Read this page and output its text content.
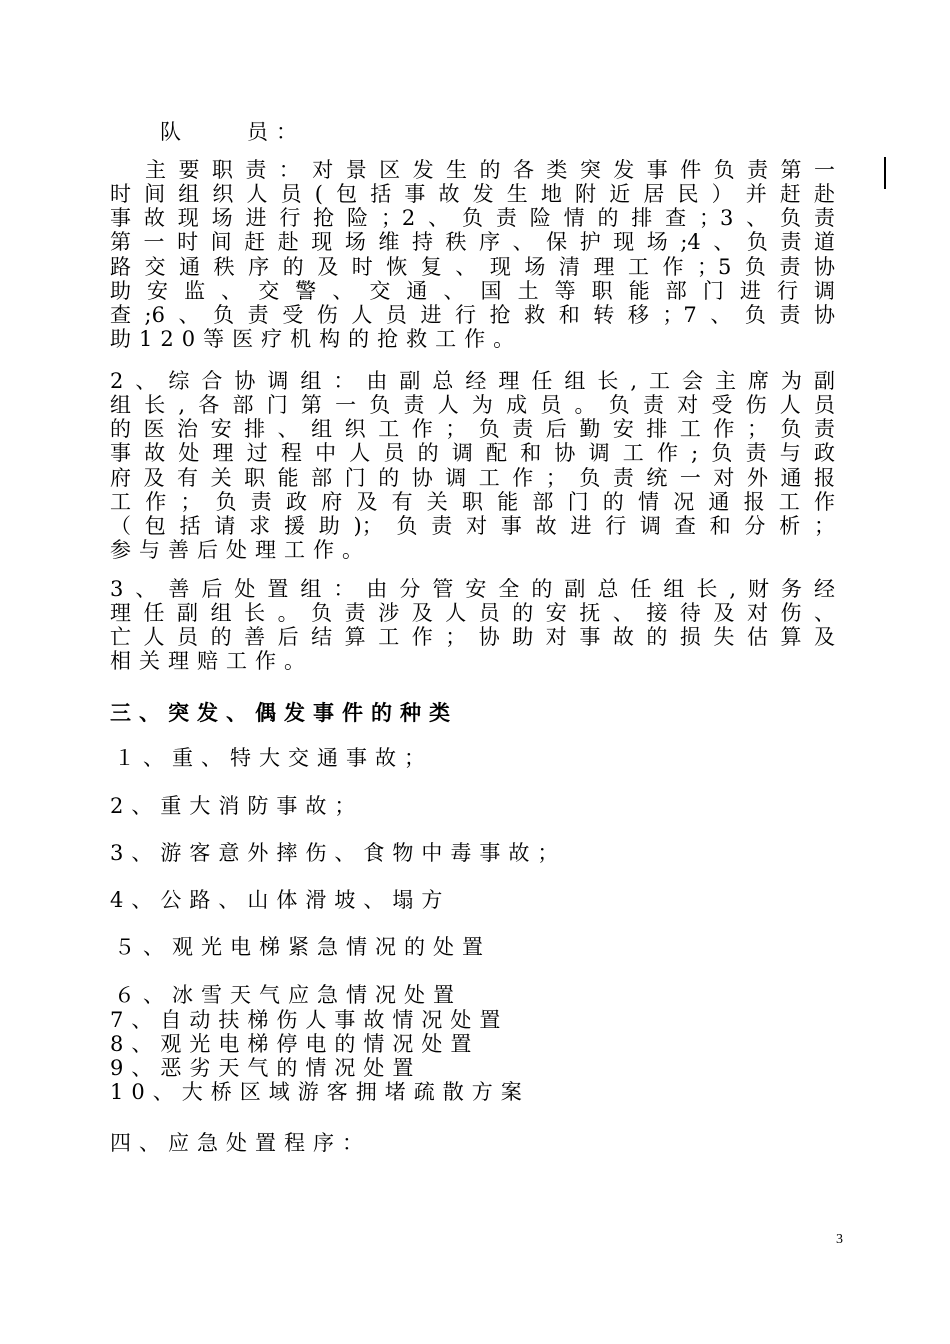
队　　员：
主要职责：对景区发生的各类突发事件负责第一
时间组织人员(包括事故发生地附近居民）并赶赴
事故现场进行抢险；2、负责险情的排查；3、负责
第一时间赶赴现场维持秩序、保护现场;4、负责道
路交通秩序的及时恢复、现场清理工作；5负责协
助安监、交警、交通、国土等职能部门进行调
查;6、负责受伤人员进行抢救和转移；7、负责协
助120等医疗机构的抢救工作。
2、综合协调组：由副总经理任组长,工会主席为副
组长,各部门第一负责人为成员。负责对受伤人员
的医治安排、组织工作；负责后勤安排工作；负责
事故处理过程中人员的调配和协调工作;负责与政
府及有关职能部门的协调工作；负责统一对外通报
工作；负责政府及有关职能部门的情况通报工作
（包括请求援助)；负责对事故进行调查和分析；
参与善后处理工作。
3、善后处置组：由分管安全的副总任组长,财务经
理任副组长。负责涉及人员的安抚、接待及对伤、
亡人员的善后结算工作；协助对事故的损失估算及
相关理赔工作。
三、突发、偶发事件的种类
１、重、特大交通事故；
2、重大消防事故；
3、游客意外摔伤、食物中毒事故；
4、公路、山体滑坡、塌方
５、观光电梯紧急情况的处置
６、冰雪天气应急情况处置
7、自动扶梯伤人事故情况处置
8、观光电梯停电的情况处置
9、恶劣天气的情况处置
10、大桥区域游客拥堵疏散方案
四、应急处置程序：
3
